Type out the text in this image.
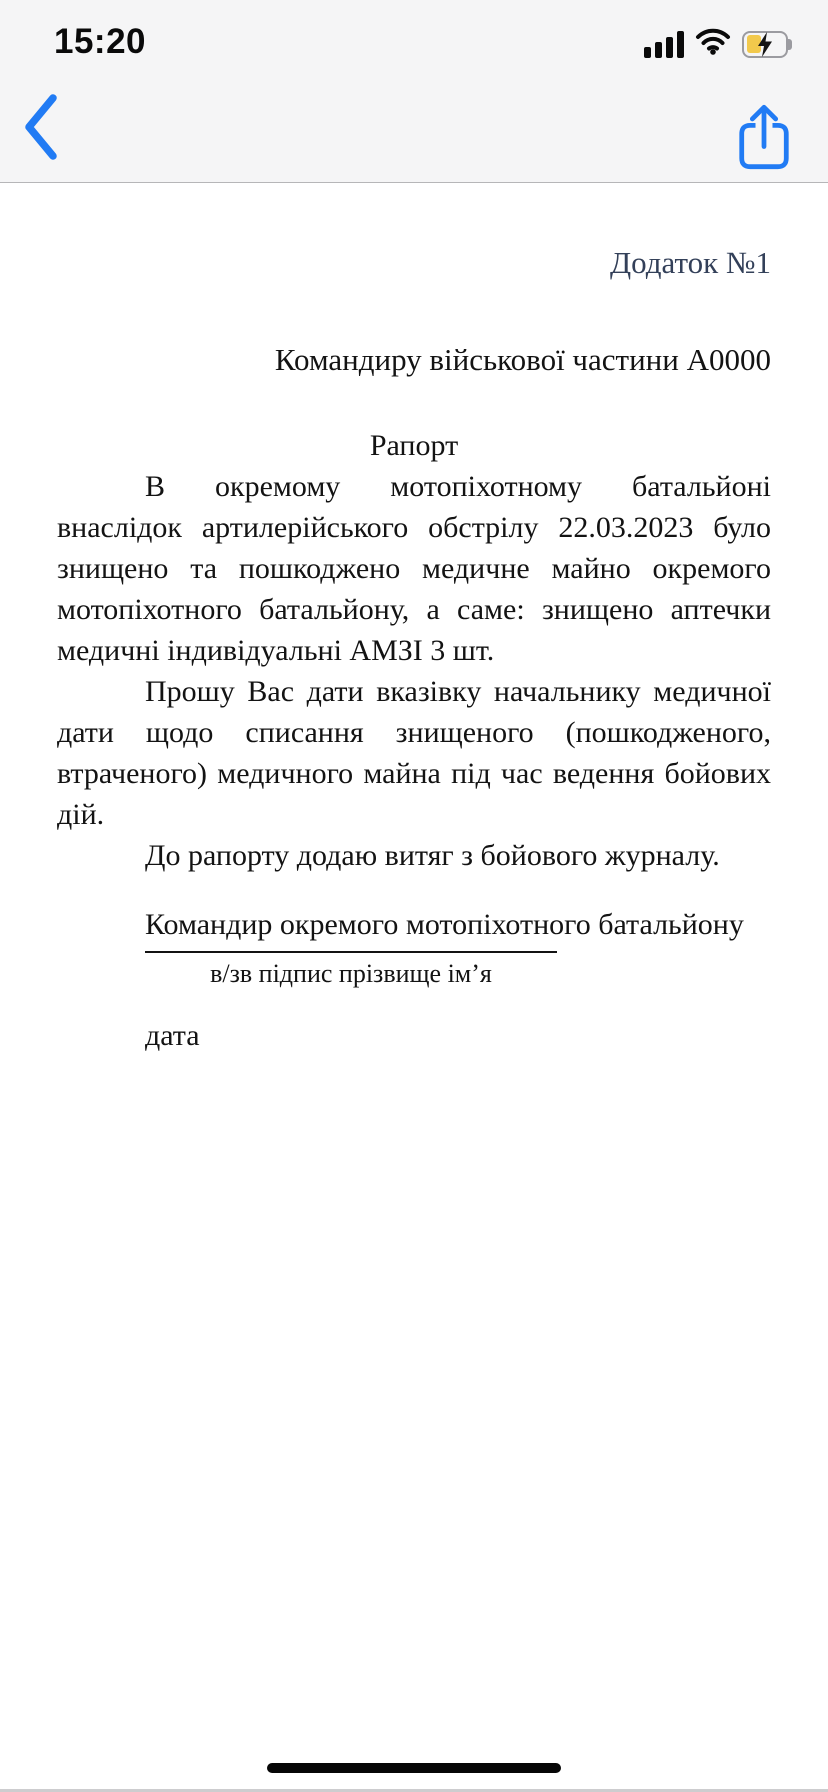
15:20
Додаток №1
Командиру військової частини А0000
Рапорт

В окремому мотопіхотному батальйоні внаслідок артилерійського обстрілу 22.03.2023 було знищено та пошкоджено медичне майно окремого мотопіхотного батальйону, а саме: знищено аптечки медичні індивідуальні АМЗІ 3 шт.

Прошу Вас дати вказівку начальнику медичної дати щодо списання знищеного (пошкодженого, втраченого) медичного майна під час ведення бойових дій.

До рапорту додаю витяг з бойового журналу.

Командир окремого мотопіхотного батальйону
в/зв підпис прізвище ім’я
дата
